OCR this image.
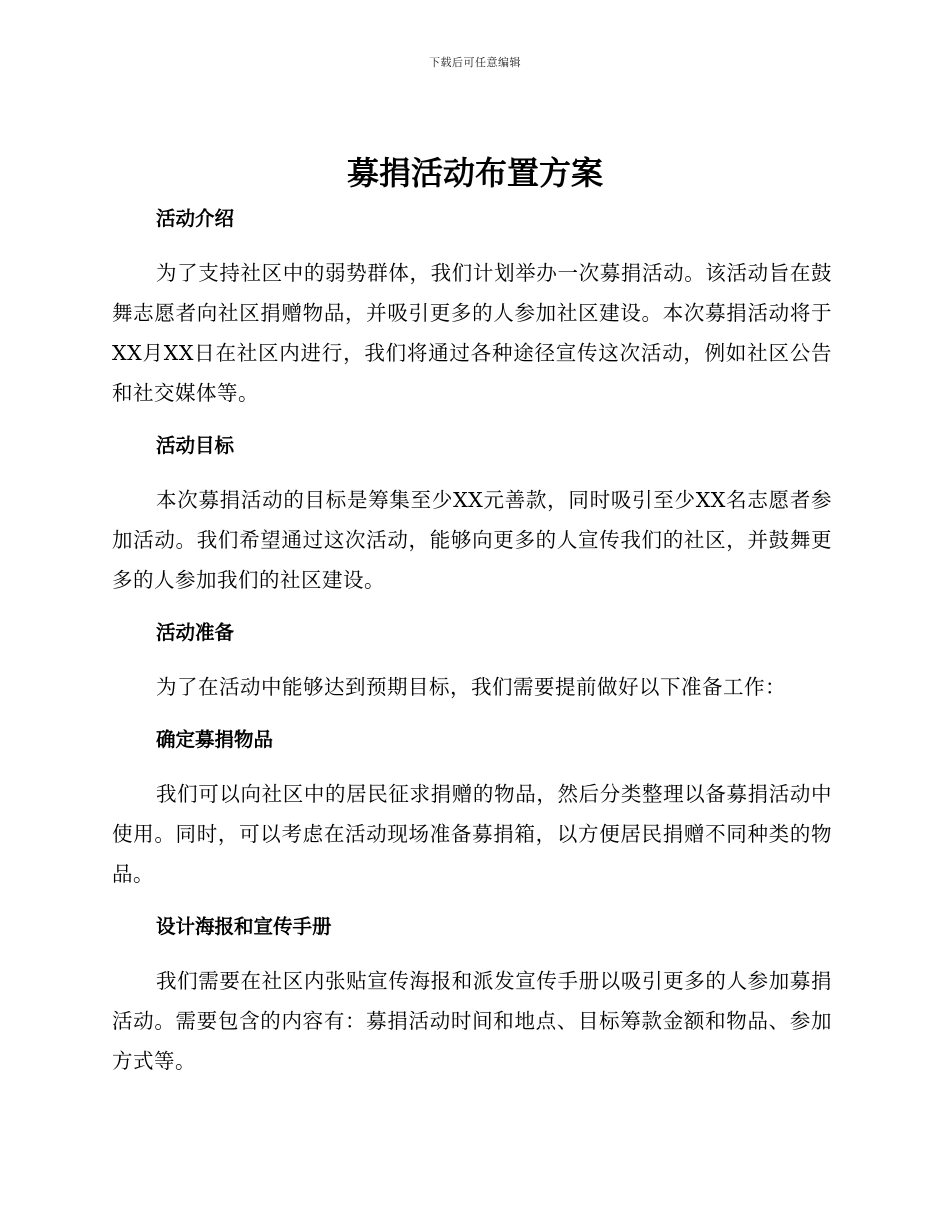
下载后可任意编辑
募捐活动布置方案
活动介绍

为了支持社区中的弱势群体，我们计划举办一次募捐活动。该活动旨在鼓舞志愿者向社区捐赠物品，并吸引更多的人参加社区建设。本次募捐活动将于XX月XX日在社区内进行，我们将通过各种途径宣传这次活动，例如社区公告和社交媒体等。

活动目标

本次募捐活动的目标是筹集至少XX元善款，同时吸引至少XX名志愿者参加活动。我们希望通过这次活动，能够向更多的人宣传我们的社区，并鼓舞更多的人参加我们的社区建设。

活动准备

为了在活动中能够达到预期目标，我们需要提前做好以下准备工作：

确定募捐物品

我们可以向社区中的居民征求捐赠的物品，然后分类整理以备募捐活动中使用。同时，可以考虑在活动现场准备募捐箱，以方便居民捐赠不同种类的物品。

设计海报和宣传手册

我们需要在社区内张贴宣传海报和派发宣传手册以吸引更多的人参加募捐活动。需要包含的内容有：募捐活动时间和地点、目标筹款金额和物品、参加方式等。
